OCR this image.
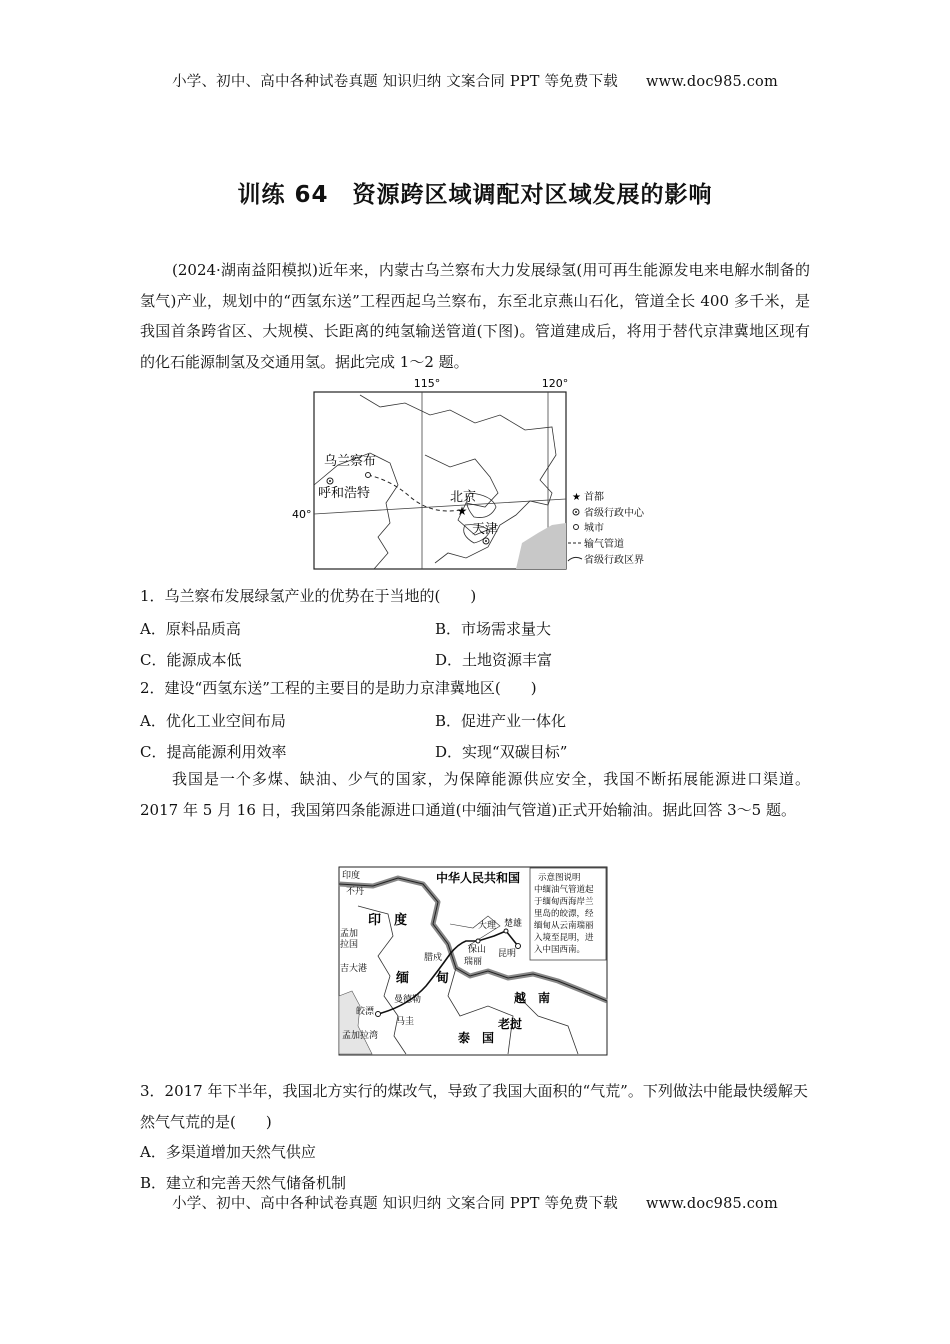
小学、初中、高中各种试卷真题 知识归纳 文案合同 PPT 等免费下载 www.doc985.com
训练 64　资源跨区域调配对区域发展的影响
(2024·湖南益阳模拟)近年来，内蒙古乌兰察布大力发展绿氢(用可再生能源发电来电解水制备的氢气)产业，规划中的“西氢东送”工程西起乌兰察布，东至北京燕山石化，管道全长 400 多千米，是我国首条跨省区、大规模、长距离的纯氢输送管道(下图)。管道建成后，将用于替代京津冀地区现有的化石能源制氢及交通用氢。据此完成 1～2 题。
★
115°	120°
40°
乌兰察布
呼和浩特	北京
天津
★ 首都
省级行政中心
城市
输气管道
省级行政区界
1．乌兰察布发展绿氢产业的优势在于当地的(　　)
A．原料品质高	B．市场需求量大
C．能源成本低	D．土地资源丰富
2．建设“西氢东送”工程的主要目的是助力京津冀地区(　　)
A．优化工业空间布局	B．促进产业一体化
C．提高能源利用效率	D．实现“双碳目标”
我国是一个多煤、缺油、少气的国家，为保障能源供应安全，我国不断拓展能源进口渠道。2017 年 5 月 16 日，我国第四条能源进口通道(中缅油气管道)正式开始输油。据此回答 3～5 题。
中华人民共和国
印度
不丹
印　度
孟加
拉国
吉大港
缅 甸
腊戍
曼德勒
皎漂
马圭
孟加拉湾	泰　国
老挝
越　南
大理 楚雄
保山
瑞丽
昆明
示意图说明
中缅油气管道起
于缅甸西海岸兰
里岛的皎漂，经
缅甸从云南瑞丽
入境至昆明，进
入中国西南。
3．2017 年下半年，我国北方实行的煤改气，导致了我国大面积的“气荒”。下列做法中能最快缓解天然气气荒的是(　　)
A．多渠道增加天然气供应
B．建立和完善天然气储备机制
小学、初中、高中各种试卷真题 知识归纳 文案合同 PPT 等免费下载 www.doc985.com
